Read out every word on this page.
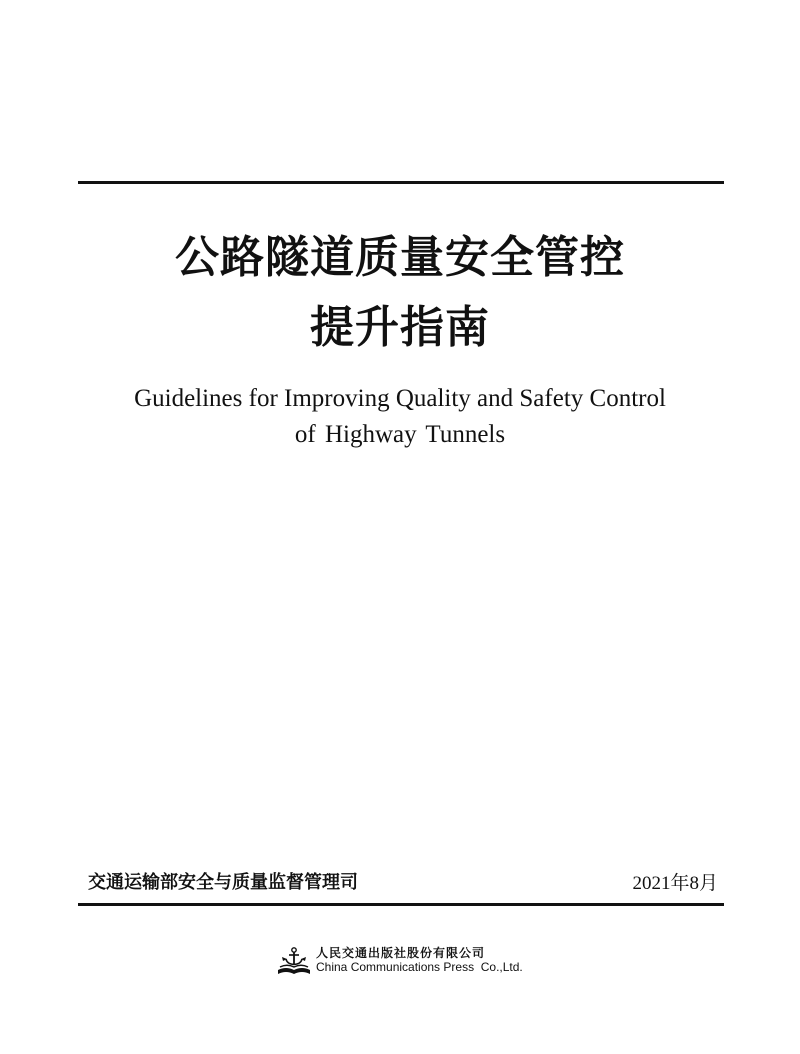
公路隧道质量安全管控
提升指南
Guidelines for Improving Quality and Safety Control
of Highway Tunnels
交通运输部安全与质量监督管理司	2021年8月
人民交通出版社股份有限公司
China Communications Press  Co.,Ltd.
